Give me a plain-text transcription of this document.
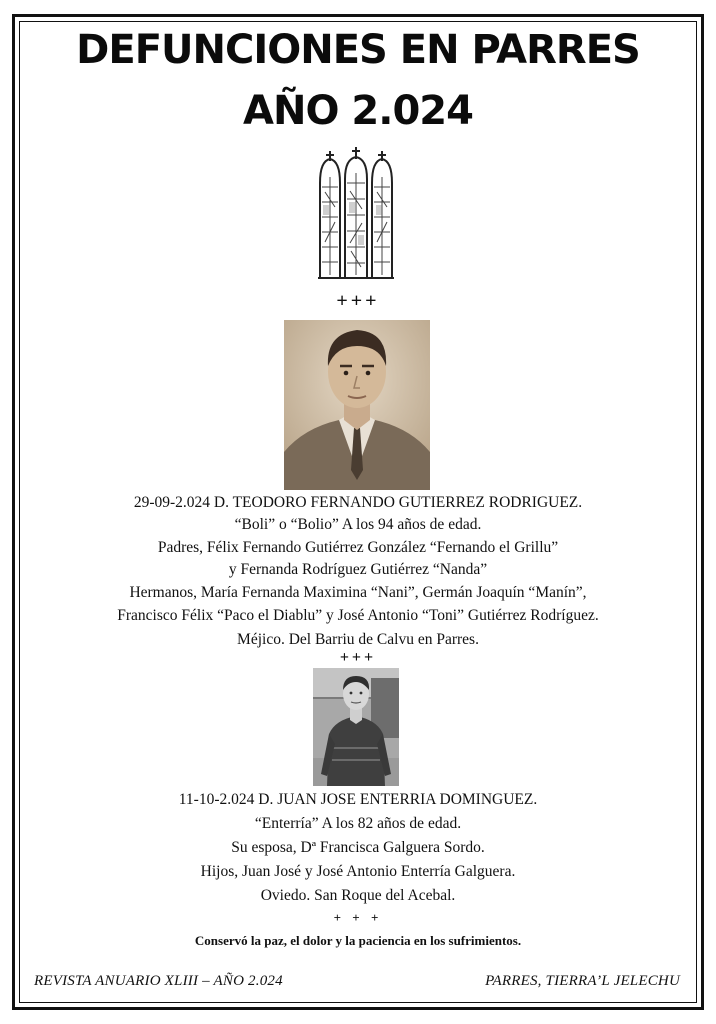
DEFUNCIONES EN PARRES
AÑO 2.024
+++
29-09-2.024 D. TEODORO FERNANDO GUTIERREZ RODRIGUEZ.
“Boli” o “Bolio” A los 94 años de edad.
Padres, Félix Fernando Gutiérrez González “Fernando el Grillu”
y Fernanda Rodríguez Gutiérrez “Nanda”
Hermanos, María Fernanda Maximina “Nani”, Germán Joaquín “Manín”,
Francisco Félix “Paco el Diablu” y José Antonio “Toni” Gutiérrez Rodríguez.
Méjico. Del Barriu de Calvu en Parres.
+++
11-10-2.024 D. JUAN JOSE ENTERRIA DOMINGUEZ.
“Enterría” A los 82 años de edad.
Su esposa, Dª Francisca Galguera Sordo.
Hijos, Juan José y José Antonio Enterría Galguera.
Oviedo. San Roque del Acebal.
+ + +
Conservó la paz, el dolor y la paciencia en los sufrimientos.
REVISTA ANUARIO XLIII – AÑO 2.024	PARRES, TIERRA’L JELECHU
